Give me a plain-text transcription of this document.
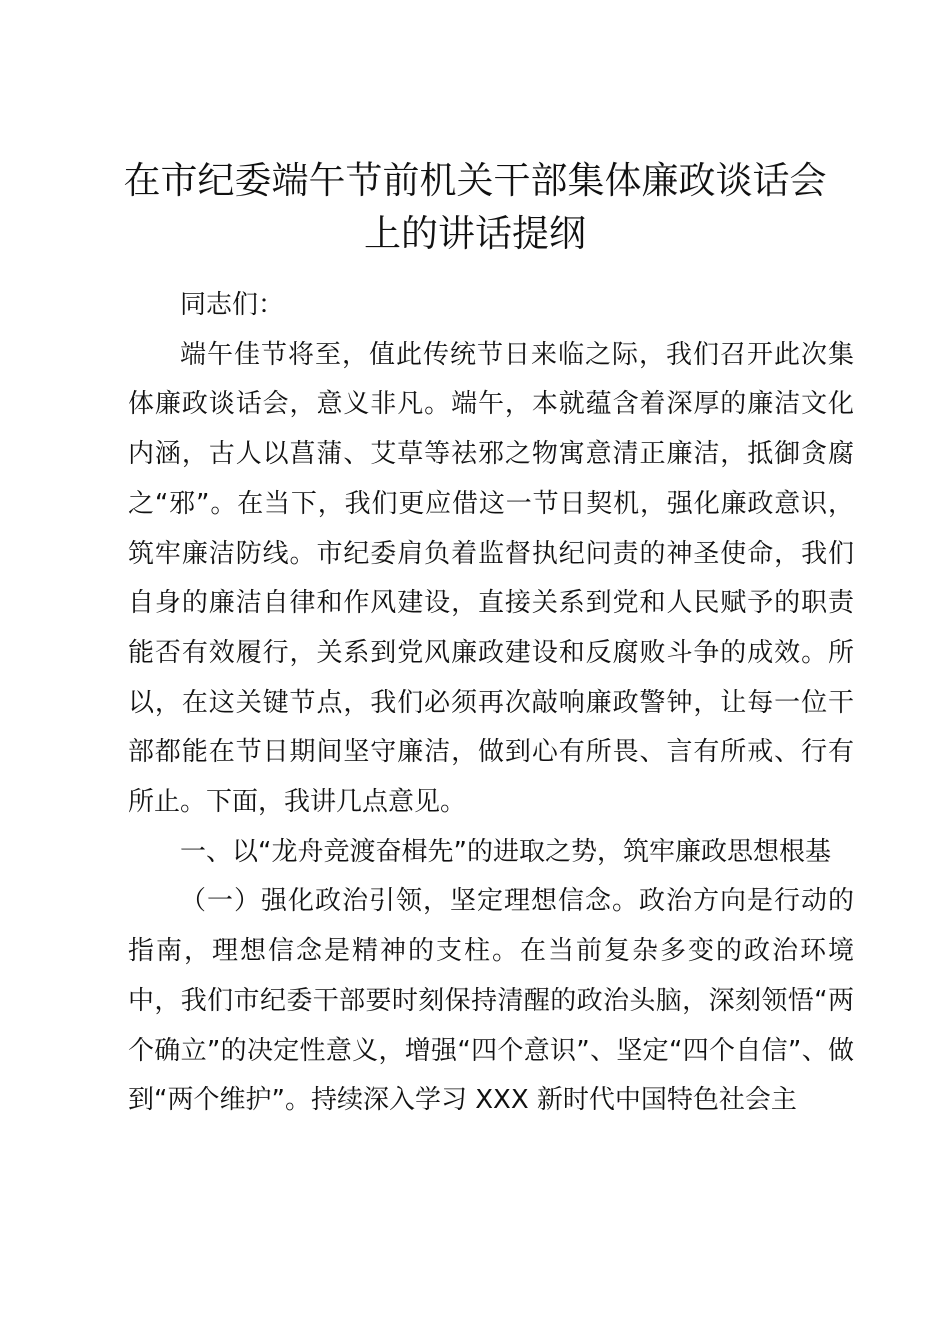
在市纪委端午节前机关干部集体廉政谈话会上的讲话提纲

同志们：

端午佳节将至，值此传统节日来临之际，我们召开此次集体廉政谈话会，意义非凡。端午，本就蕴含着深厚的廉洁文化内涵，古人以菖蒲、艾草等祛邪之物寓意清正廉洁，抵御贪腐之“邪”。在当下，我们更应借这一节日契机，强化廉政意识，筑牢廉洁防线。市纪委肩负着监督执纪问责的神圣使命，我们自身的廉洁自律和作风建设，直接关系到党和人民赋予的职责能否有效履行，关系到党风廉政建设和反腐败斗争的成效。所以，在这关键节点，我们必须再次敲响廉政警钟，让每一位干部都能在节日期间坚守廉洁，做到心有所畏、言有所戒、行有所止。下面，我讲几点意见。

一、以“龙舟竞渡奋楫先”的进取之势，筑牢廉政思想根基

（一）强化政治引领，坚定理想信念。政治方向是行动的指南，理想信念是精神的支柱。在当前复杂多变的政治环境中，我们市纪委干部要时刻保持清醒的政治头脑，深刻领悟“两个确立”的决定性意义，增强“四个意识”、坚定“四个自信”、做到“两个维护”。持续深入学习 XXX 新时代中国特色社会主
